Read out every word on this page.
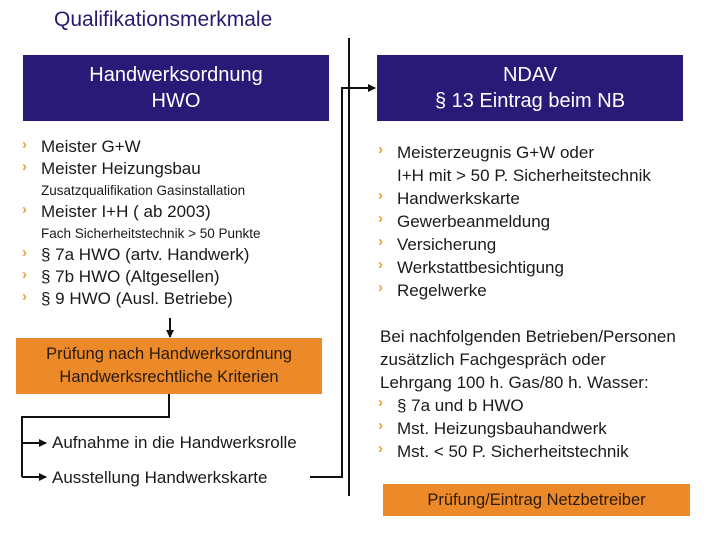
Qualifikationsmerkmale
Handwerksordnung
HWO
NDAV
§ 13 Eintrag beim NB
› Meister G+W
› Meister Heizungsbau
Zusatzqualifikation Gasinstallation
› Meister I+H ( ab 2003)
Fach Sicherheitstechnik > 50 Punkte
› § 7a HWO (artv. Handwerk)
› § 7b HWO (Altgesellen)
› § 9 HWO (Ausl. Betriebe)
Prüfung nach Handwerksordnung
Handwerksrechtliche Kriterien
Aufnahme in die Handwerksrolle
Ausstellung Handwerkskarte
› Meisterzeugnis G+W oder
I+H mit > 50 P. Sicherheitstechnik
› Handwerkskarte
› Gewerbeanmeldung
› Versicherung
› Werkstattbesichtigung
› Regelwerke
Bei nachfolgenden Betrieben/Personen
zusätzlich Fachgespräch oder
Lehrgang 100 h. Gas/80 h. Wasser:
› § 7a und b HWO
› Mst. Heizungsbauhandwerk
› Mst. < 50 P. Sicherheitstechnik
Prüfung/Eintrag Netzbetreiber
